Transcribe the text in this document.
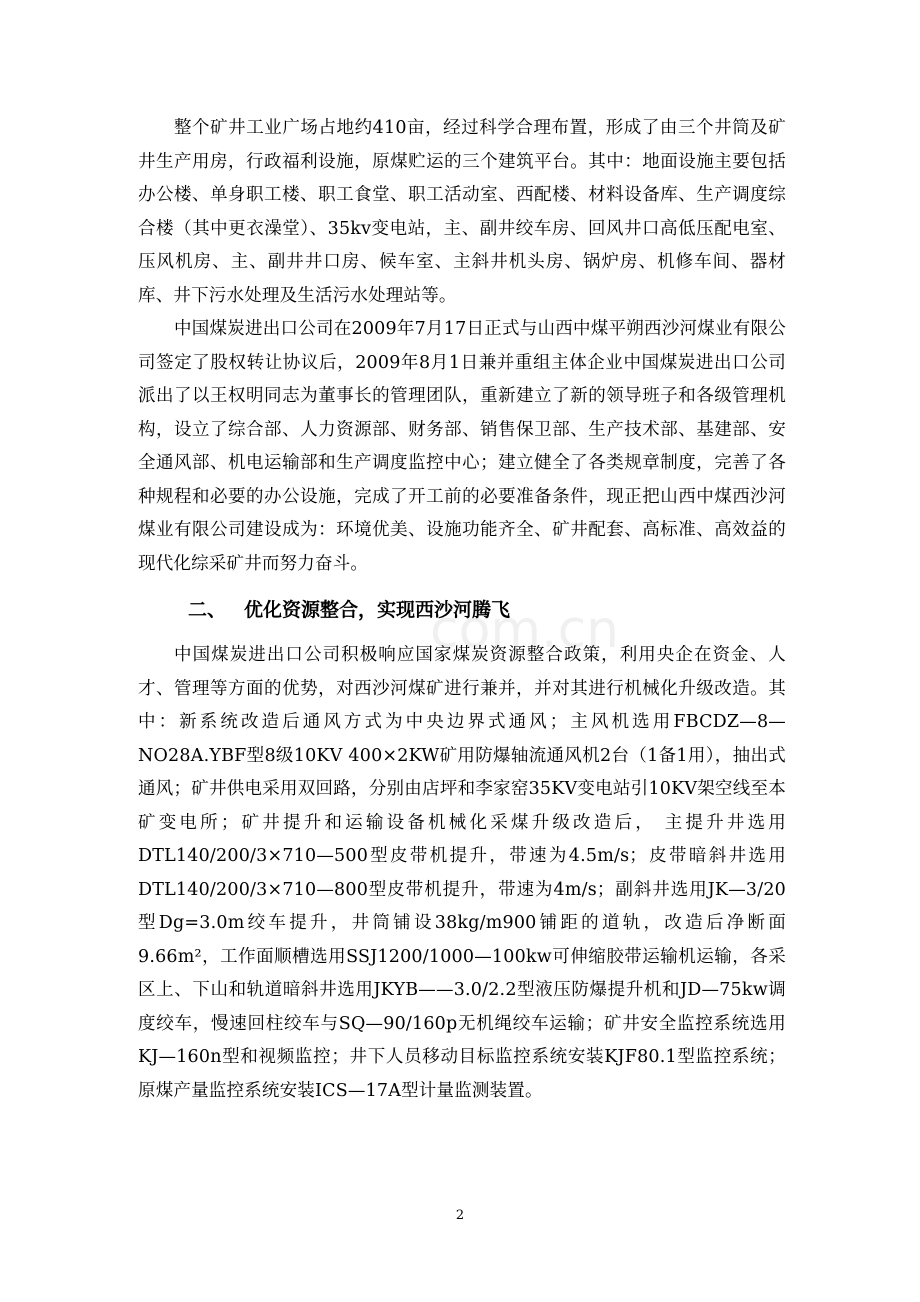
com.cn

整个矿井工业广场占地约410亩，经过科学合理布置，形成了由三个井筒及矿井生产用房，行政福利设施，原煤贮运的三个建筑平台。其中：地面设施主要包括办公楼、单身职工楼、职工食堂、职工活动室、西配楼、材料设备库、生产调度综合楼（其中更衣澡堂）、35kv变电站，主、副井绞车房、回风井口高低压配电室、压风机房、主、副井井口房、候车室、主斜井机头房、锅炉房、机修车间、器材库、井下污水处理及生活污水处理站等。

中国煤炭进出口公司在2009年7月17日正式与山西中煤平朔西沙河煤业有限公司签定了股权转让协议后，2009年8月1日兼并重组主体企业中国煤炭进出口公司派出了以王权明同志为董事长的管理团队，重新建立了新的领导班子和各级管理机构，设立了综合部、人力资源部、财务部、销售保卫部、生产技术部、基建部、安全通风部、机电运输部和生产调度监控中心；建立健全了各类规章制度，完善了各种规程和必要的办公设施，完成了开工前的必要准备条件，现正把山西中煤西沙河煤业有限公司建设成为：环境优美、设施功能齐全、矿井配套、高标准、高效益的现代化综采矿井而努力奋斗。

二、 优化资源整合，实现西沙河腾飞

中国煤炭进出口公司积极响应国家煤炭资源整合政策，利用央企在资金、人才、管理等方面的优势，对西沙河煤矿进行兼并，并对其进行机械化升级改造。其中：新系统改造后通风方式为中央边界式通风；主风机选用FBCDZ—8—NO28A.YBF型8级10KV 400×2KW矿用防爆轴流通风机2台（1备1用），抽出式通风；矿井供电采用双回路，分别由店坪和李家窑35KV变电站引10KV架空线至本矿变电所；矿井提升和运输设备机械化采煤升级改造后， 主提升井选用DTL140/200/3×710—500型皮带机提升，带速为4.5m/s；皮带暗斜井选用DTL140/200/3×710—800型皮带机提升，带速为4m/s；副斜井选用JK—3/20型Dg=3.0m绞车提升，井筒铺设38kg/m900铺距的道轨，改造后净断面9.66m²，工作面顺槽选用SSJ1200/1000—100kw可伸缩胶带运输机运输，各采区上、下山和轨道暗斜井选用JKYB——3.0/2.2型液压防爆提升机和JD—75kw调度绞车，慢速回柱绞车与SQ—90/160p无机绳绞车运输；矿井安全监控系统选用KJ—160n型和视频监控；井下人员移动目标监控系统安装KJF80.1型监控系统；原煤产量监控系统安装ICS—17A型计量监测装置。

2
